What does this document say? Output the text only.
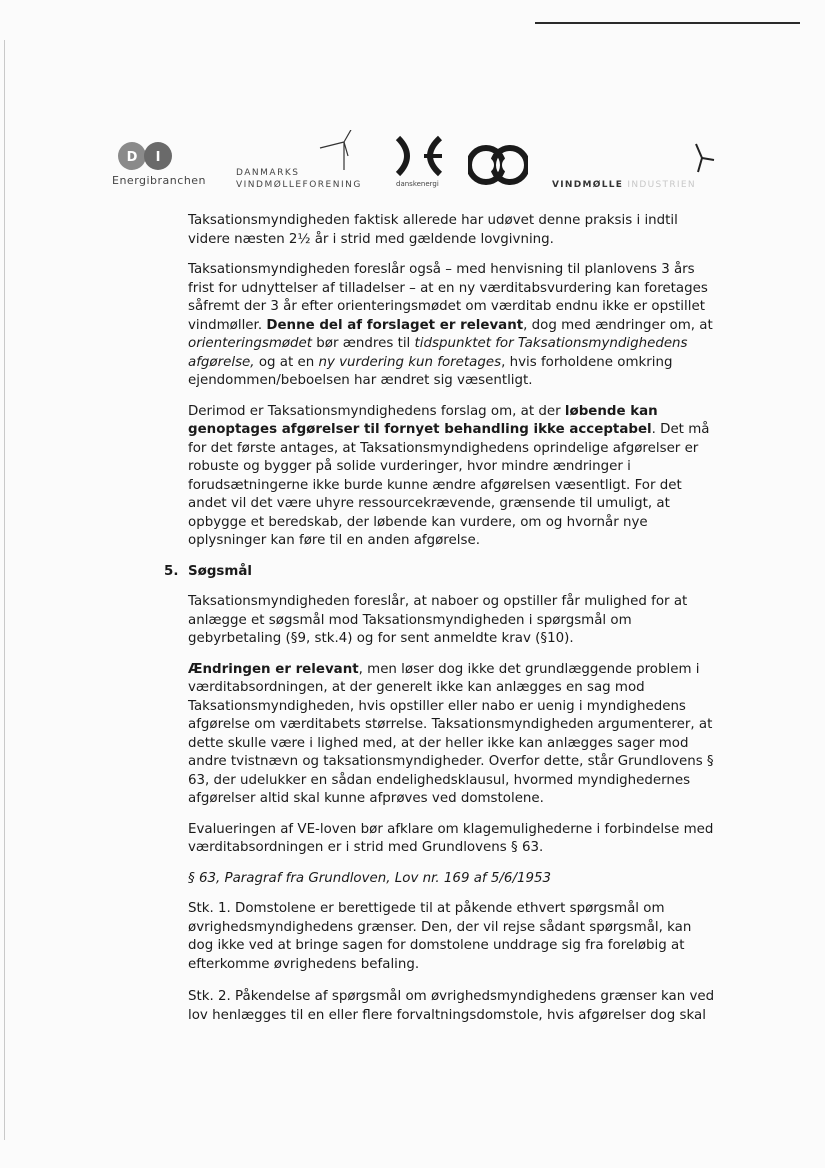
D I
Energibranchen
DANMARKS
VINDMØLLEFORENING	danskenergi	VINDMØLLE INDUSTRIEN

Taksationsmyndigheden faktisk allerede har udøvet denne praksis i indtil videre næsten 2½ år i strid med gældende lovgivning.

Taksationsmyndigheden foreslår også – med henvisning til planlovens 3 års frist for udnyttelser af tilladelser – at en ny værditabsvurdering kan foretages såfremt der 3 år efter orienteringsmødet om værditab endnu ikke er opstillet vindmøller. Denne del af forslaget er relevant, dog med ændringer om, at orienteringsmødet bør ændres til tidspunktet for Taksationsmyndighedens afgørelse, og at en ny vurdering kun foretages, hvis forholdene omkring ejendommen/beboelsen har ændret sig væsentligt.

Derimod er Taksationsmyndighedens forslag om, at der løbende kan genoptages afgørelser til fornyet behandling ikke acceptabel. Det må for det første antages, at Taksationsmyndighedens oprindelige afgørelser er robuste og bygger på solide vurderinger, hvor mindre ændringer i forudsætningerne ikke burde kunne ændre afgørelsen væsentligt. For det andet vil det være uhyre ressourcekrævende, grænsende til umuligt, at opbygge et beredskab, der løbende kan vurdere, om og hvornår nye oplysninger kan føre til en anden afgørelse.

5. Søgsmål

Taksationsmyndigheden foreslår, at naboer og opstiller får mulighed for at anlægge et søgsmål mod Taksationsmyndigheden i spørgsmål om gebyrbetaling (§9, stk.4) og for sent anmeldte krav (§10).

Ændringen er relevant, men løser dog ikke det grundlæggende problem i værditabsordningen, at der generelt ikke kan anlægges en sag mod Taksationsmyndigheden, hvis opstiller eller nabo er uenig i myndighedens afgørelse om værditabets størrelse. Taksationsmyndigheden argumenterer, at dette skulle være i lighed med, at der heller ikke kan anlægges sager mod andre tvistnævn og taksationsmyndigheder. Overfor dette, står Grundlovens § 63, der udelukker en sådan endelighedsklausul, hvormed myndighedernes afgørelser altid skal kunne afprøves ved domstolene.

Evalueringen af VE-loven bør afklare om klagemulighederne i forbindelse med værditabsordningen er i strid med Grundlovens § 63.

§ 63, Paragraf fra Grundloven, Lov nr. 169 af 5/6/1953

Stk. 1. Domstolene er berettigede til at påkende ethvert spørgsmål om øvrighedsmyndighedens grænser. Den, der vil rejse sådant spørgsmål, kan dog ikke ved at bringe sagen for domstolene unddrage sig fra foreløbig at efterkomme øvrighedens befaling.

Stk. 2. Påkendelse af spørgsmål om øvrighedsmyndighedens grænser kan ved lov henlægges til en eller flere forvaltningsdomstole, hvis afgørelser dog skal
